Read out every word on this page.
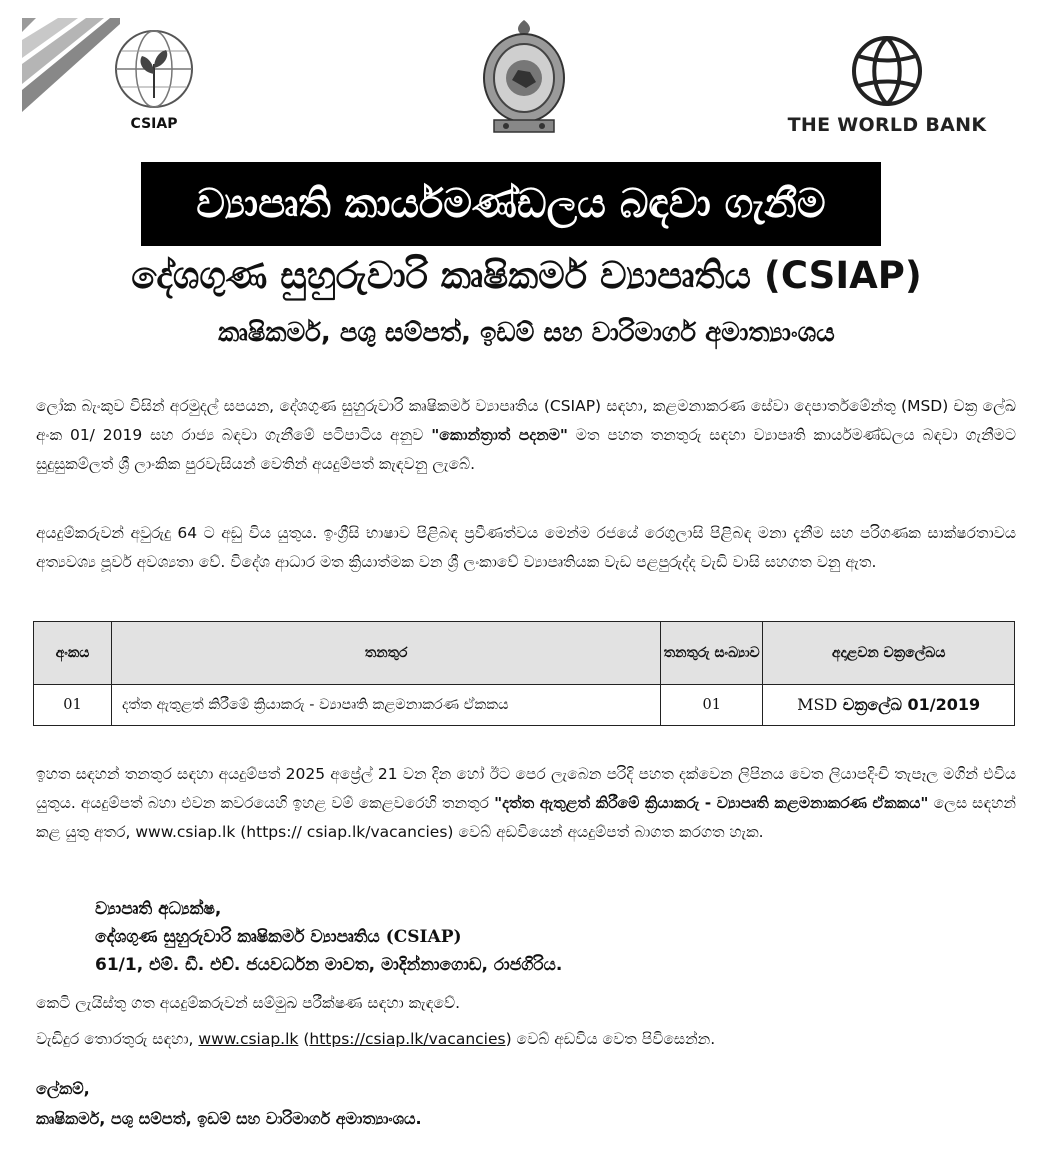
CSIAP	THE WORLD BANK
ව්‍යාපෘති කාර්යමණ්ඩලය බඳවා ගැනීම
දේශගුණ සුහුරුවාරි කෘෂිකර්ම ව්‍යාපෘතිය (CSIAP)
කෘෂිකර්ම, පශු සම්පත්, ඉඩම් සහ වාරිමාර්ග අමාත්‍යාංශය
ලෝක බැංකුව විසින් අරමුදල් සපයන, දේශගුණ සුහුරුවාරි කෘෂිකර්ම ව්‍යාපෘතිය (CSIAP) සඳහා, කළමනාකරණ සේවා දෙපාර්තමේන්තු (MSD) චක්‍ර ලේඛ අංක 01/ 2019 සහ රාජ්‍ය බඳවා ගැනීමේ පටිපාටිය අනුව "කොන්ත්‍රාත් පදනම" මත පහත තනතුරු සඳහා ව්‍යාපෘති කාර්යමණ්ඩලය බඳවා ගැනීමට සුදුසුකම්ලත් ශ්‍රී ලාංකික පුරවැසියන් වෙතින් අයදුම්පත් කැඳවනු ලැබේ.
අයදුම්කරුවන් අවුරුදු 64 ට අඩු විය යුතුය. ඉංග්‍රීසි භාෂාව පිළිබඳ ප්‍රවීණත්වය මෙන්ම රජයේ රෙගුලාසි පිළිබඳ මනා දැනීම සහ පරිගණක සාක්ෂරතාවය අත්‍යවශ්‍ය පූර්ව අවශ්‍යතා වේ. විදේශ ආධාර මත ක්‍රියාත්මක වන ශ්‍රී ලංකාවේ ව්‍යාපෘතියක වැඩ පළපුරුද්ද වැඩි වාසි සහගත වනු ඇත.
අංකය	තනතුර	තනතුරු සංඛ්‍යාව	අදාළවන චක්‍රලේඛය
01	දත්ත ඇතුළත් කිරීමේ ක්‍රියාකරු - ව්‍යාපෘති කළමනාකරණ ඒකකය	01	MSD චක්‍රලේඛ 01/2019
ඉහත සඳහන් තනතුර සඳහා අයදුම්පත් 2025 අප්‍රේල් 21 වන දින හෝ ඊට පෙර ලැබෙන පරිදි පහත දක්වෙන ලිපිනය වෙත ලියාපදිංචි තැපෑල මගින් එවිය යුතුය. අයදුම්පත් බහා එවන කවරයෙහි ඉහළ වම් කෙළවරෙහි තනතුර "දත්ත ඇතුළත් කිරීමේ ක්‍රියාකරු - ව්‍යාපෘති කළමනාකරණ ඒකකය" ලෙස සඳහන් කළ යුතු අතර, www.csiap.lk (https:// csiap.lk/vacancies) වෙබ් අඩවියෙන් අයදුම්පත් බාගත කරගත හැක.
ව්‍යාපෘති අධ්‍යක්ෂ,
දේශගුණ සුහුරුවාරි කෘෂිකර්ම ව්‍යාපෘතිය (CSIAP)
61/1, එම්. ඩී. එච්. ජයවර්ධන මාවත, මාදින්නාගොඩ, රාජගිරිය.
කෙටි ලැයිස්තු ගත අයදුම්කරුවන් සම්මුඛ පරීක්ෂණ සඳහා කැඳවේ.
වැඩිදුර තොරතුරු සඳහා, www.csiap.lk (https://csiap.lk/vacancies) වෙබ් අඩවිය වෙත පිවිසෙන්න.
ලේකම්,
කෘෂිකර්ම, පශු සම්පත්, ඉඩම් සහ වාරිමාර්ග අමාත්‍යාංශය.
